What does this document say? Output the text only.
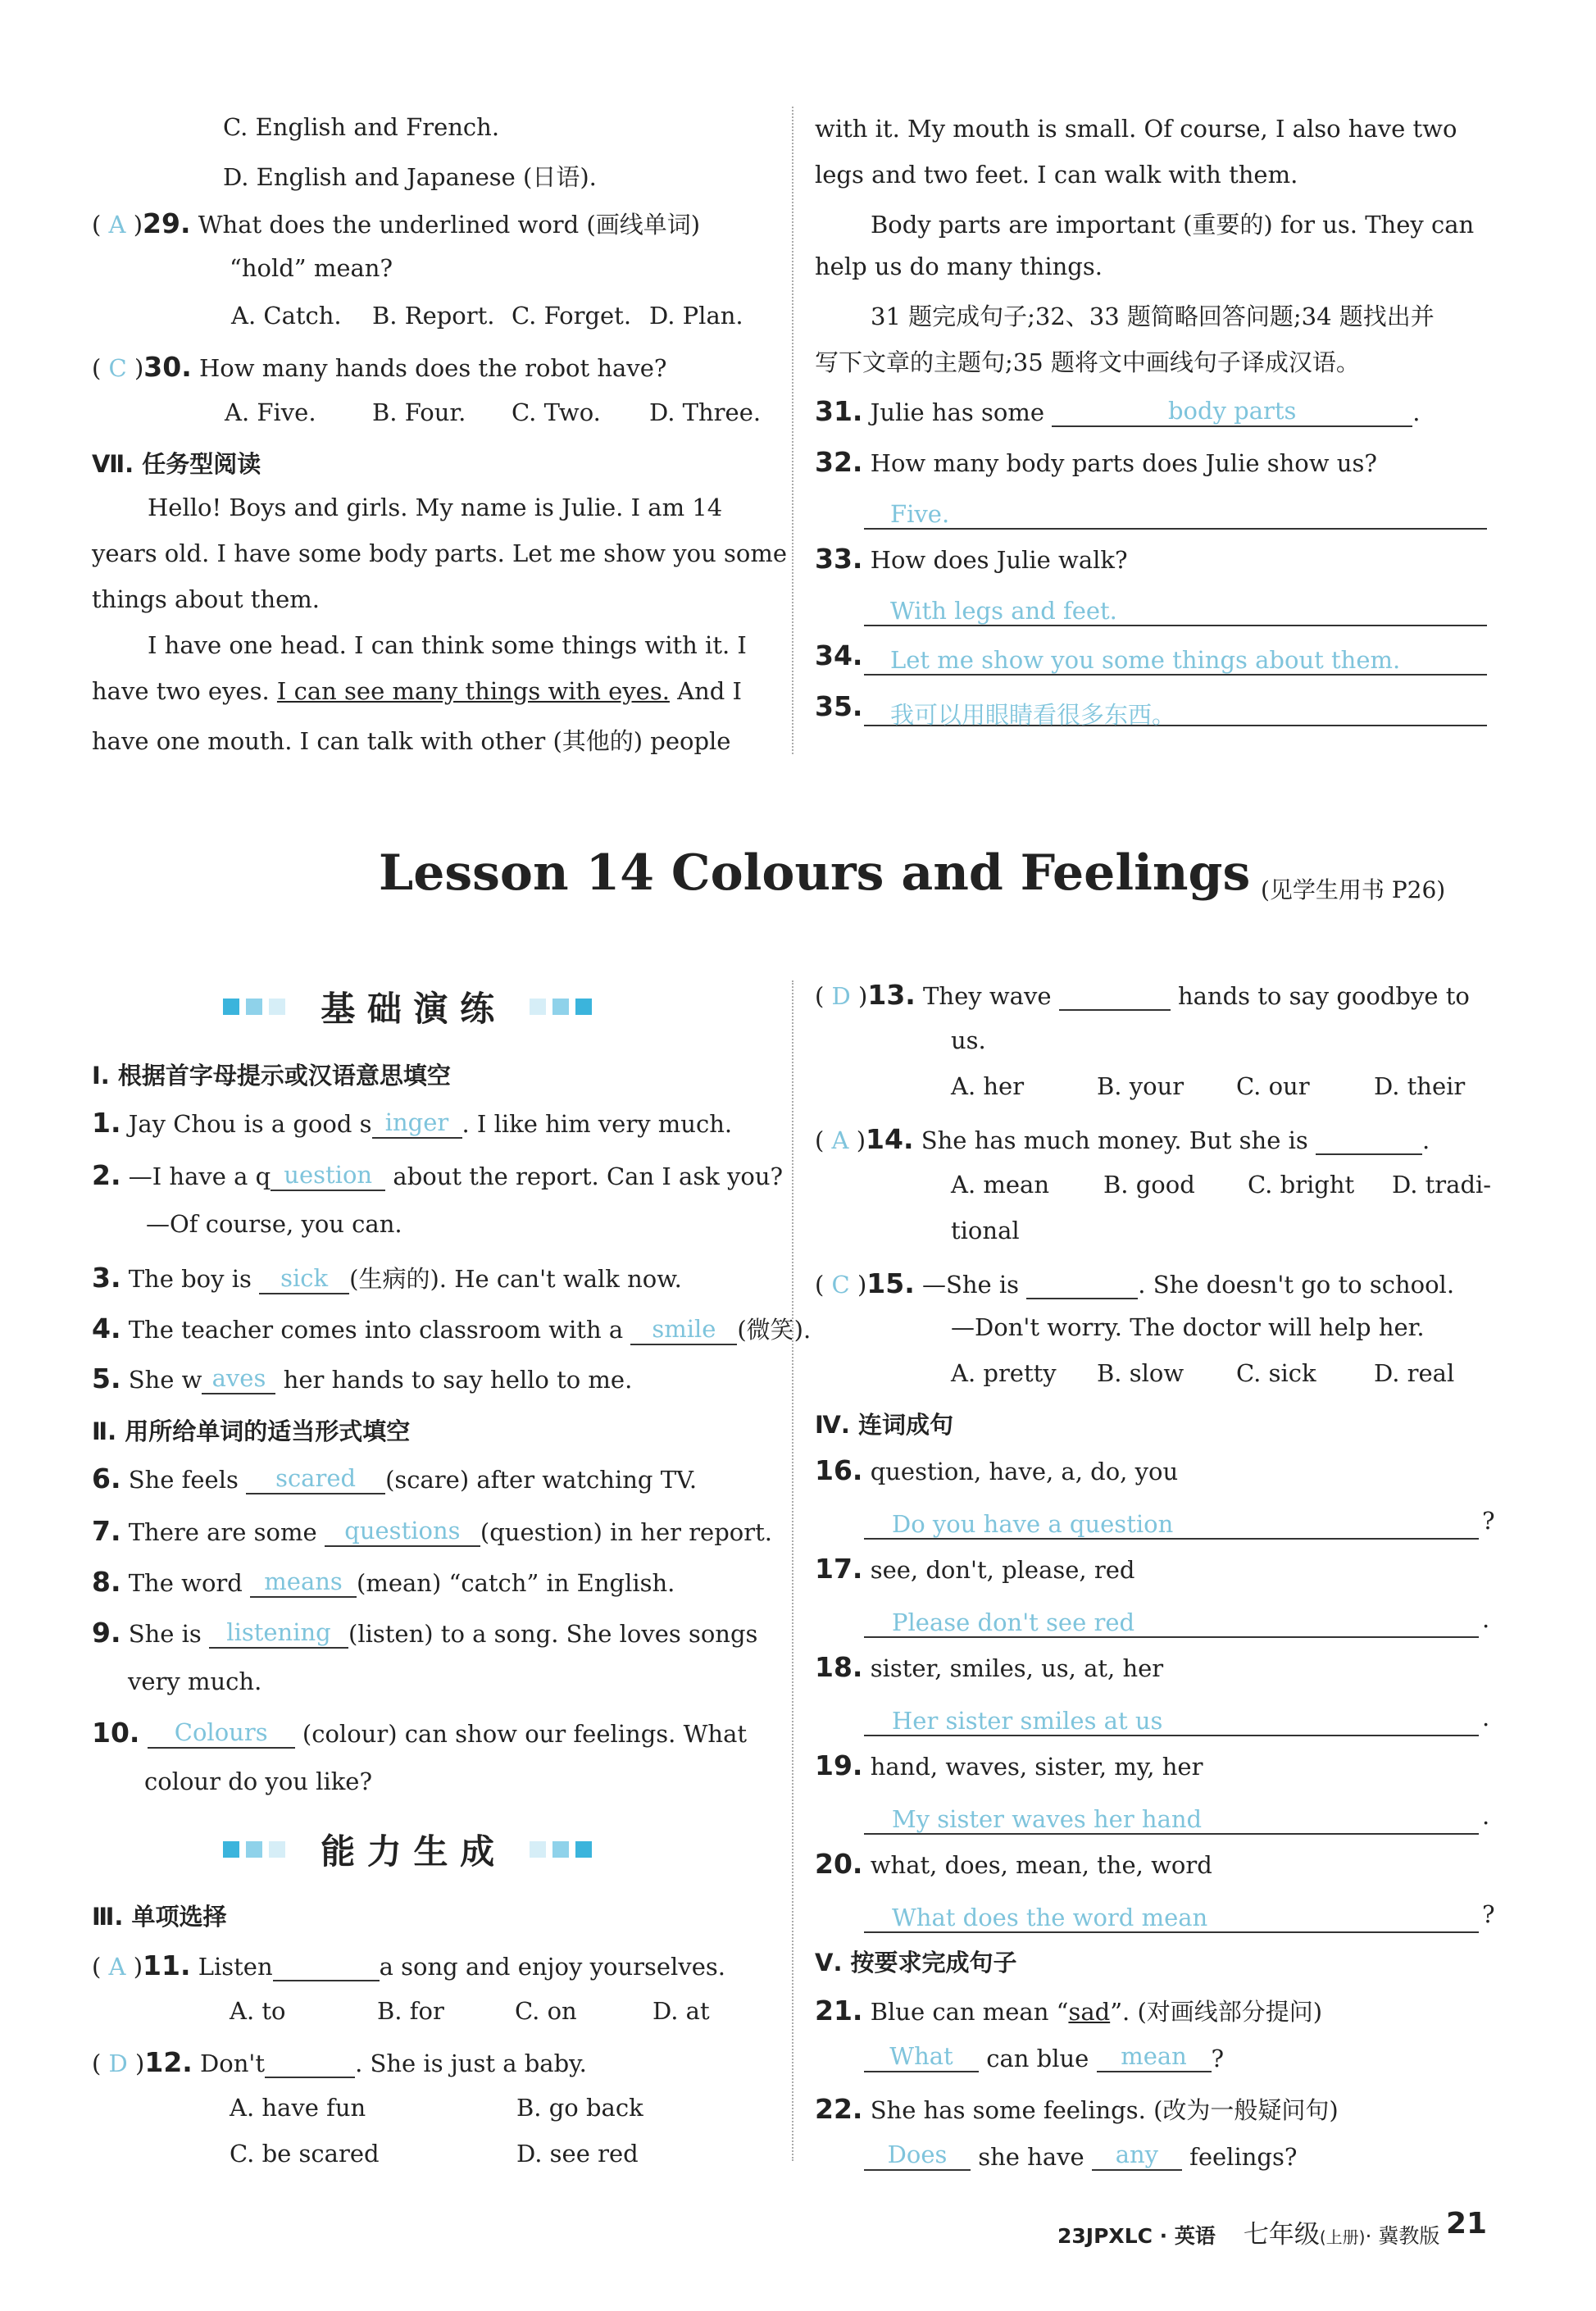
C. English and French.
D. English and Japanese (日语).
( A )29. What does the underlined word (画线单词)
“hold” mean?
A. Catch. B. Report. C. Forget. D. Plan.
( C )30. How many hands does the robot have?
A. Five. B. Four. C. Two. D. Three.
Ⅶ. 任务型阅读
Hello! Boys and girls. My name is Julie. I am 14
years old. I have some body parts. Let me show you some
things about them.
I have one head. I can think some things with it. I
have two eyes. I can see many things with eyes. And I
have one mouth. I can talk with other (其他的) people
with it. My mouth is small. Of course, I also have two
legs and two feet. I can walk with them.
Body parts are important (重要的) for us. They can
help us do many things.
31 题完成句子;32、33 题简略回答问题;34 题找出并
写下文章的主题句;35 题将文中画线句子译成汉语。
31. Julie has some	body parts	.
32. How many body parts does Julie show us?
Five.
33. How does Julie walk?
With legs and feet.
34. Let me show you some things about them.
35. 我可以用眼睛看很多东西。
Lesson 14 Colours and Feelings (见学生用书 P26)
基 础 演 练
Ⅰ. 根据首字母提示或汉语意思填空
1. Jay Chou is a good s inger . I like him very much.
2. —I have a q uestion about the report. Can I ask you?
—Of course, you can.
3. The boy is sick (生病的). He can't walk now.
4. The teacher comes into classroom with a smile (微笑).
5. She w aves her hands to say hello to me.
Ⅱ. 用所给单词的适当形式填空
6. She feels scared (scare) after watching TV.
7. There are some questions (question) in her report.
8. The word means (mean) “catch” in English.
9. She is listening (listen) to a song. She loves songs
very much.
10. Colours (colour) can show our feelings. What
colour do you like?
能 力 生 成
Ⅲ. 单项选择
( A )11. Listen	a song and enjoy yourselves.
A. to	B. for	C. on	D. at
( D )12. Don't	. She is just a baby.
A. have fun	B. go back
C. be scared	D. see red
( D )13. They wave	hands to say goodbye to
us.
A. her	B. your C. our	D. their
( A )14. She has much money. But she is	.
A. mean B. good C. bright D. tradi-
tional
( C )15. —She is	. She doesn't go to school.
—Don't worry. The doctor will help her.
A. pretty B. slow C. sick D. real
Ⅳ. 连词成句
16. question, have, a, do, you
Do you have a question	?
17. see, don't, please, red
Please don't see red	.
18. sister, smiles, us, at, her
Her sister smiles at us	.
19. hand, waves, sister, my, her
My sister waves her hand	.
20. what, does, mean, the, word
What does the word mean	?
Ⅴ. 按要求完成句子
21. Blue can mean “sad”. (对画线部分提问)
What can blue mean ?
22. She has some feelings. (改为一般疑问句)
Does she have any feelings?
23JPXLC · 英语 七年级(上册)· 冀教版 21
